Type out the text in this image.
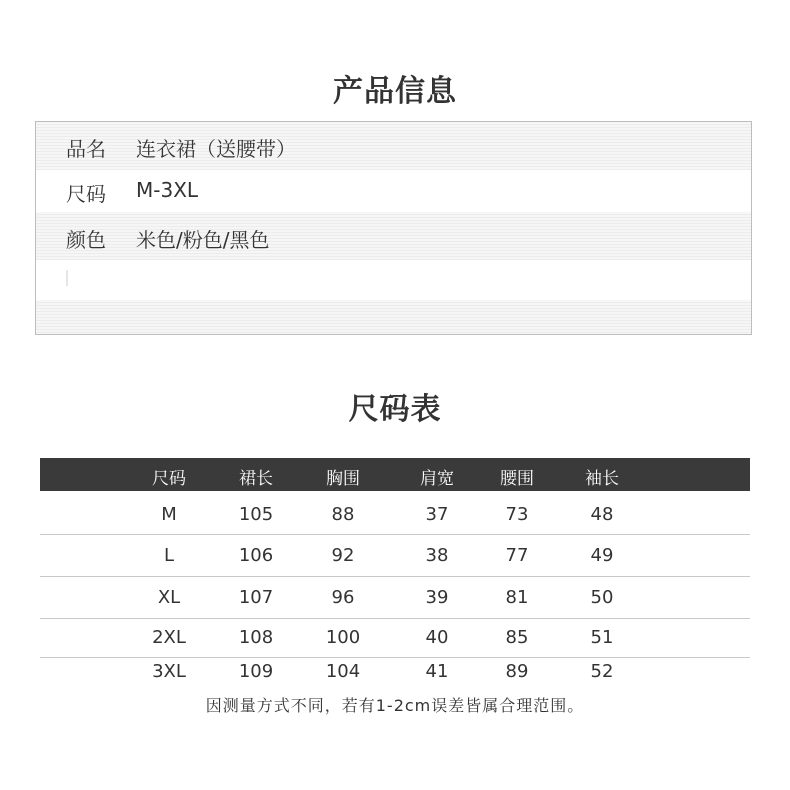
产品信息
品名 连衣裙（送腰带）
尺码 M-3XL
颜色 米色/粉色/黑色
尺码表
尺码	裙长	胸围	肩宽	腰围	袖长
M	105	88	37	73	48
L	106	92	38	77	49
XL	107	96	39	81	50
2XL	108	100	40	85	51
3XL	109	104	41	89	52
因测量方式不同，若有1-2cm误差皆属合理范围。
